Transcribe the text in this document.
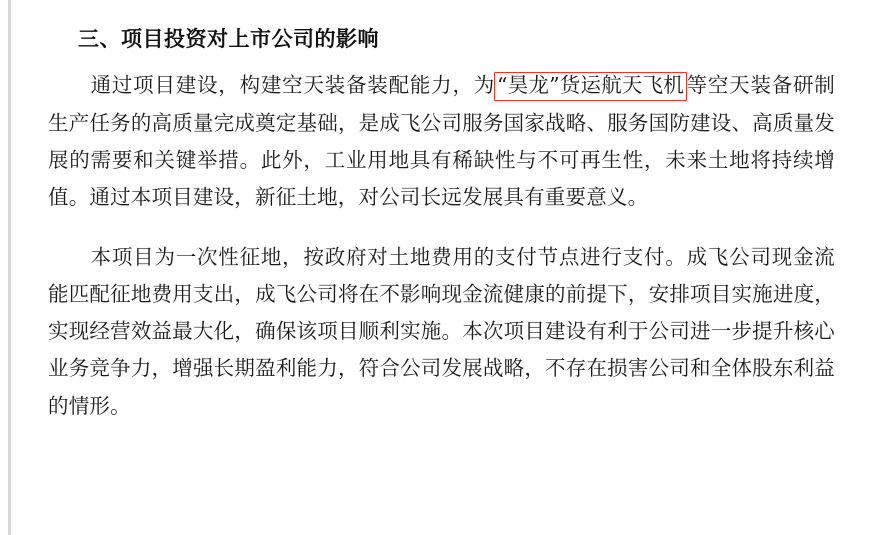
三、项目投资对上市公司的影响

通过项目建设，构建空天装备装配能力，为“昊龙”货运航天飞机等空天装备研制生产任务的高质量完成奠定基础，是成飞公司服务国家战略、服务国防建设、高质量发展的需要和关键举措。此外，工业用地具有稀缺性与不可再生性，未来土地将持续增值。通过本项目建设，新征土地，对公司长远发展具有重要意义。

本项目为一次性征地，按政府对土地费用的支付节点进行支付。成飞公司现金流能匹配征地费用支出，成飞公司将在不影响现金流健康的前提下，安排项目实施进度，实现经营效益最大化，确保该项目顺利实施。本次项目建设有利于公司进一步提升核心业务竞争力，增强长期盈利能力，符合公司发展战略，不存在损害公司和全体股东利益的情形。
